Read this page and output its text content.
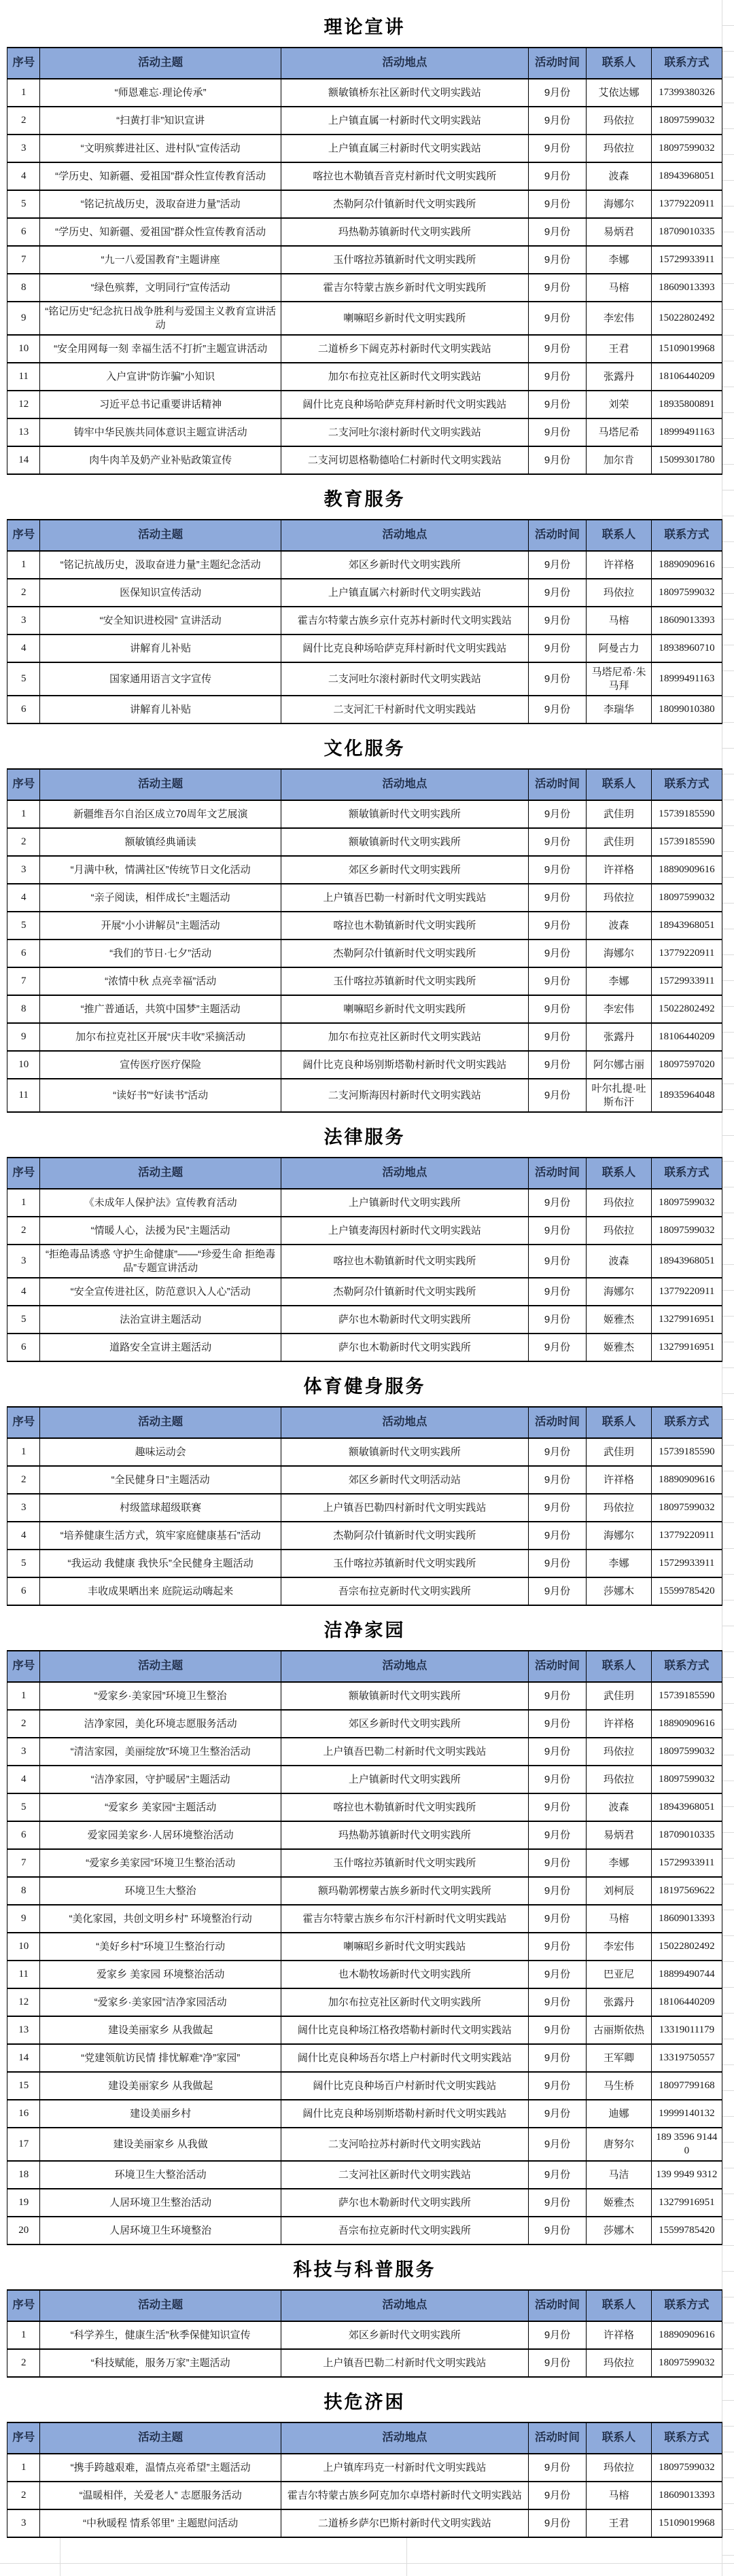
理论宣讲
序号	活动主题	活动地点	活动时间	联系人	联系方式
1	“师恩难忘·理论传承”	额敏镇桥东社区新时代文明实践站	9月份	艾依达娜	17399380326
2	“扫黄打非”知识宣讲	上户镇直属一村新时代文明实践站	9月份	玛依拉	18097599032
3	“文明殡葬进社区、进村队”宣传活动	上户镇直属三村新时代文明实践站	9月份	玛依拉	18097599032
4	“学历史、知新疆、爱祖国”群众性宣传教育活动	喀拉也木勒镇吾音克村新时代文明实践所	9月份	波森	18943968051
5	“铭记抗战历史，汲取奋进力量”活动	杰勒阿尕什镇新时代文明实践所	9月份	海娜尔	13779220911
6	“学历史、知新疆、爱祖国”群众性宣传教育活动	玛热勒苏镇新时代文明实践所	9月份	易炳君	18709010335
7	“九一八爱国教育”主题讲座	玉什喀拉苏镇新时代文明实践所	9月份	李娜	15729933911
8	“绿色殡葬，文明同行”宣传活动	霍吉尔特蒙古族乡新时代文明实践所	9月份	马榕	18609013393
9	“铭记历史”纪念抗日战争胜利与爱国主义教育宣讲活动	喇嘛昭乡新时代文明实践所	9月份	李宏伟	15022802492
10	“安全用网每一刻 幸福生活不打折”主题宣讲活动	二道桥乡下阔克苏村新时代文明实践站	9月份	王君	15109019968
11	入户宣讲“防诈骗”小知识	加尔布拉克社区新时代文明实践站	9月份	张露丹	18106440209
12	习近平总书记重要讲话精神	阔什比克良种场哈萨克拜村新时代文明实践站	9月份	刘荣	18935800891
13	铸牢中华民族共同体意识主题宣讲活动	二支河吐尔滚村新时代文明实践站	9月份	马塔尼希	18999491163
14	肉牛肉羊及奶产业补贴政策宣传	二支河切恩格勒德哈仁村新时代文明实践站	9月份	加尔肯	15099301780
教育服务
序号	活动主题	活动地点	活动时间	联系人	联系方式
1	“铭记抗战历史，汲取奋进力量”主题纪念活动	郊区乡新时代文明实践所	9月份	许祥格	18890909616
2	医保知识宣传活动	上户镇直属六村新时代文明实践站	9月份	玛依拉	18097599032
3	“安全知识进校园” 宣讲活动	霍吉尔特蒙古族乡京什克苏村新时代文明实践站	9月份	马榕	18609013393
4	讲解育儿补贴	阔什比克良种场哈萨克拜村新时代文明实践站	9月份	阿曼古力	18938960710
5	国家通用语言文字宣传	二支河吐尔滚村新时代文明实践站	9月份	马塔尼希·朱马拜	18999491163
6	讲解育儿补贴	二支河汇干村新时代文明实践站	9月份	李瑞华	18099010380
文化服务
序号	活动主题	活动地点	活动时间	联系人	联系方式
1	新疆维吾尔自治区成立70周年文艺展演	额敏镇新时代文明实践所	9月份	武佳玥	15739185590
2	额敏镇经典诵读	额敏镇新时代文明实践所	9月份	武佳玥	15739185590
3	“月满中秋，情满社区”传统节日文化活动	郊区乡新时代文明实践所	9月份	许祥格	18890909616
4	“亲子阅读，相伴成长”主题活动	上户镇吾巴勒一村新时代文明实践站	9月份	玛依拉	18097599032
5	开展“小小讲解员”主题活动	喀拉也木勒镇新时代文明实践所	9月份	波森	18943968051
6	“我们的节日·七夕”活动	杰勒阿尕什镇新时代文明实践所	9月份	海娜尔	13779220911
7	“浓情中秋 点亮幸福”活动	玉什喀拉苏镇新时代文明实践所	9月份	李娜	15729933911
8	“推广普通话，共筑中国梦”主题活动	喇嘛昭乡新时代文明实践所	9月份	李宏伟	15022802492
9	加尔布拉克社区开展“庆丰收”采摘活动	加尔布拉克社区新时代文明实践站	9月份	张露丹	18106440209
10	宣传医疗医疗保险	阔什比克良种场别斯塔勒村新时代文明实践站	9月份	阿尔娜古丽	18097597020
11	“读好书”“好读书”活动	二支河斯海因村新时代文明实践站	9月份	叶尔扎提·吐斯布汗	18935964048
法律服务
序号	活动主题	活动地点	活动时间	联系人	联系方式
1	《未成年人保护法》宣传教育活动	上户镇新时代文明实践所	9月份	玛依拉	18097599032
2	“情暖人心，法援为民”主题活动	上户镇麦海因村新时代文明实践站	9月份	玛依拉	18097599032
3	“拒绝毒品诱惑 守护生命健康”——“珍爱生命 拒绝毒品”专题宣讲活动	喀拉也木勒镇新时代文明实践所	9月份	波森	18943968051
4	“安全宣传进社区，防范意识入人心”活动	杰勒阿尕什镇新时代文明实践所	9月份	海娜尔	13779220911
5	法治宣讲主题活动	萨尔也木勒新时代文明实践所	9月份	姬雅杰	13279916951
6	道路安全宣讲主题活动	萨尔也木勒新时代文明实践所	9月份	姬雅杰	13279916951
体育健身服务
序号	活动主题	活动地点	活动时间	联系人	联系方式
1	趣味运动会	额敏镇新时代文明实践所	9月份	武佳玥	15739185590
2	“全民健身日”主题活动	郊区乡新时代文明活动站	9月份	许祥格	18890909616
3	村级篮球超级联赛	上户镇吾巴勒四村新时代文明实践站	9月份	玛依拉	18097599032
4	“培养健康生活方式，筑牢家庭健康基石”活动	杰勒阿尕什镇新时代文明实践所	9月份	海娜尔	13779220911
5	“我运动 我健康 我快乐”全民健身主题活动	玉什喀拉苏镇新时代文明实践所	9月份	李娜	15729933911
6	丰收成果晒出来 庭院运动嗨起来	吾宗布拉克新时代文明实践所	9月份	莎娜木	15599785420
洁净家园
序号	活动主题	活动地点	活动时间	联系人	联系方式
1	“爱家乡·美家园”环境卫生整治	额敏镇新时代文明实践所	9月份	武佳玥	15739185590
2	洁净家园，美化环境志愿服务活动	郊区乡新时代文明实践所	9月份	许祥格	18890909616
3	“清洁家园，美丽绽放”环境卫生整治活动	上户镇吾巴勒二村新时代文明实践站	9月份	玛依拉	18097599032
4	“洁净家园，守护暖居”主题活动	上户镇新时代文明实践所	9月份	玛依拉	18097599032
5	“爱家乡 美家园“主题活动	喀拉也木勒镇新时代文明实践所	9月份	波森	18943968051
6	爱家园美家乡·人居环境整治活动	玛热勒苏镇新时代文明实践所	9月份	易炳君	18709010335
7	“爱家乡美家园”环境卫生整治活动	玉什喀拉苏镇新时代文明实践所	9月份	李娜	15729933911
8	环境卫生大整治	额玛勒郭楞蒙古族乡新时代文明实践所	9月份	刘柯辰	18197569622
9	“美化家园，共创文明乡村” 环境整治行动	霍吉尔特蒙古族乡布尔汗村新时代文明实践站	9月份	马榕	18609013393
10	“美好乡村”环境卫生整治行动	喇嘛昭乡新时代文明实践站	9月份	李宏伟	15022802492
11	爱家乡 美家园 环境整治活动	也木勒牧场新时代文明实践所	9月份	巴亚尼	18899490744
12	“爱家乡·美家园”洁净家园活动	加尔布拉克社区新时代文明实践所	9月份	张露丹	18106440209
13	建设美丽家乡 从我做起	阔什比克良种场江格孜塔勒村新时代文明实践站	9月份	古丽斯依热	13319011179
14	“党建领航访民情 排忧解难“净”家园”	阔什比克良种场吾尔塔上户村新时代文明实践站	9月份	王军卿	13319750557
15	建设美丽家乡 从我做起	阔什比克良种场百户村新时代文明实践站	9月份	马生桥	18097799168
16	建设美丽乡村	阔什比克良种场别斯塔勒村新时代文明实践站	9月份	迪娜	19999140132
17	建设美丽家乡 从我做	二支河哈拉苏村新时代文明实践站	9月份	唐努尔	189 3596 91440
18	环境卫生大整治活动	二支河社区新时代文明实践站	9月份	马洁	139 9949 9312
19	人居环境卫生整治活动	萨尔也木勒新时代文明实践所	9月份	姬雅杰	13279916951
20	人居环境卫生环境整治	吾宗布拉克新时代文明实践所	9月份	莎娜木	15599785420
科技与科普服务
序号	活动主题	活动地点	活动时间	联系人	联系方式
1	“科学养生，健康生活”秋季保健知识宣传	郊区乡新时代文明实践所	9月份	许祥格	18890909616
2	“科技赋能，服务万家”主题活动	上户镇吾巴勒二村新时代文明实践站	9月份	玛依拉	18097599032
扶危济困
序号	活动主题	活动地点	活动时间	联系人	联系方式
1	“携手跨越艰难，温情点亮希望”主题活动	上户镇库玛克一村新时代文明实践站	9月份	玛依拉	18097599032
2	“温暖相伴，关爱老人” 志愿服务活动	霍吉尔特蒙古族乡阿克加尔卓塔村新时代文明实践站	9月份	马榕	18609013393
3	“中秋暖程 情系邻里” 主题慰问活动	二道桥乡萨尔巴斯村新时代文明实践站	9月份	王君	15109019968
